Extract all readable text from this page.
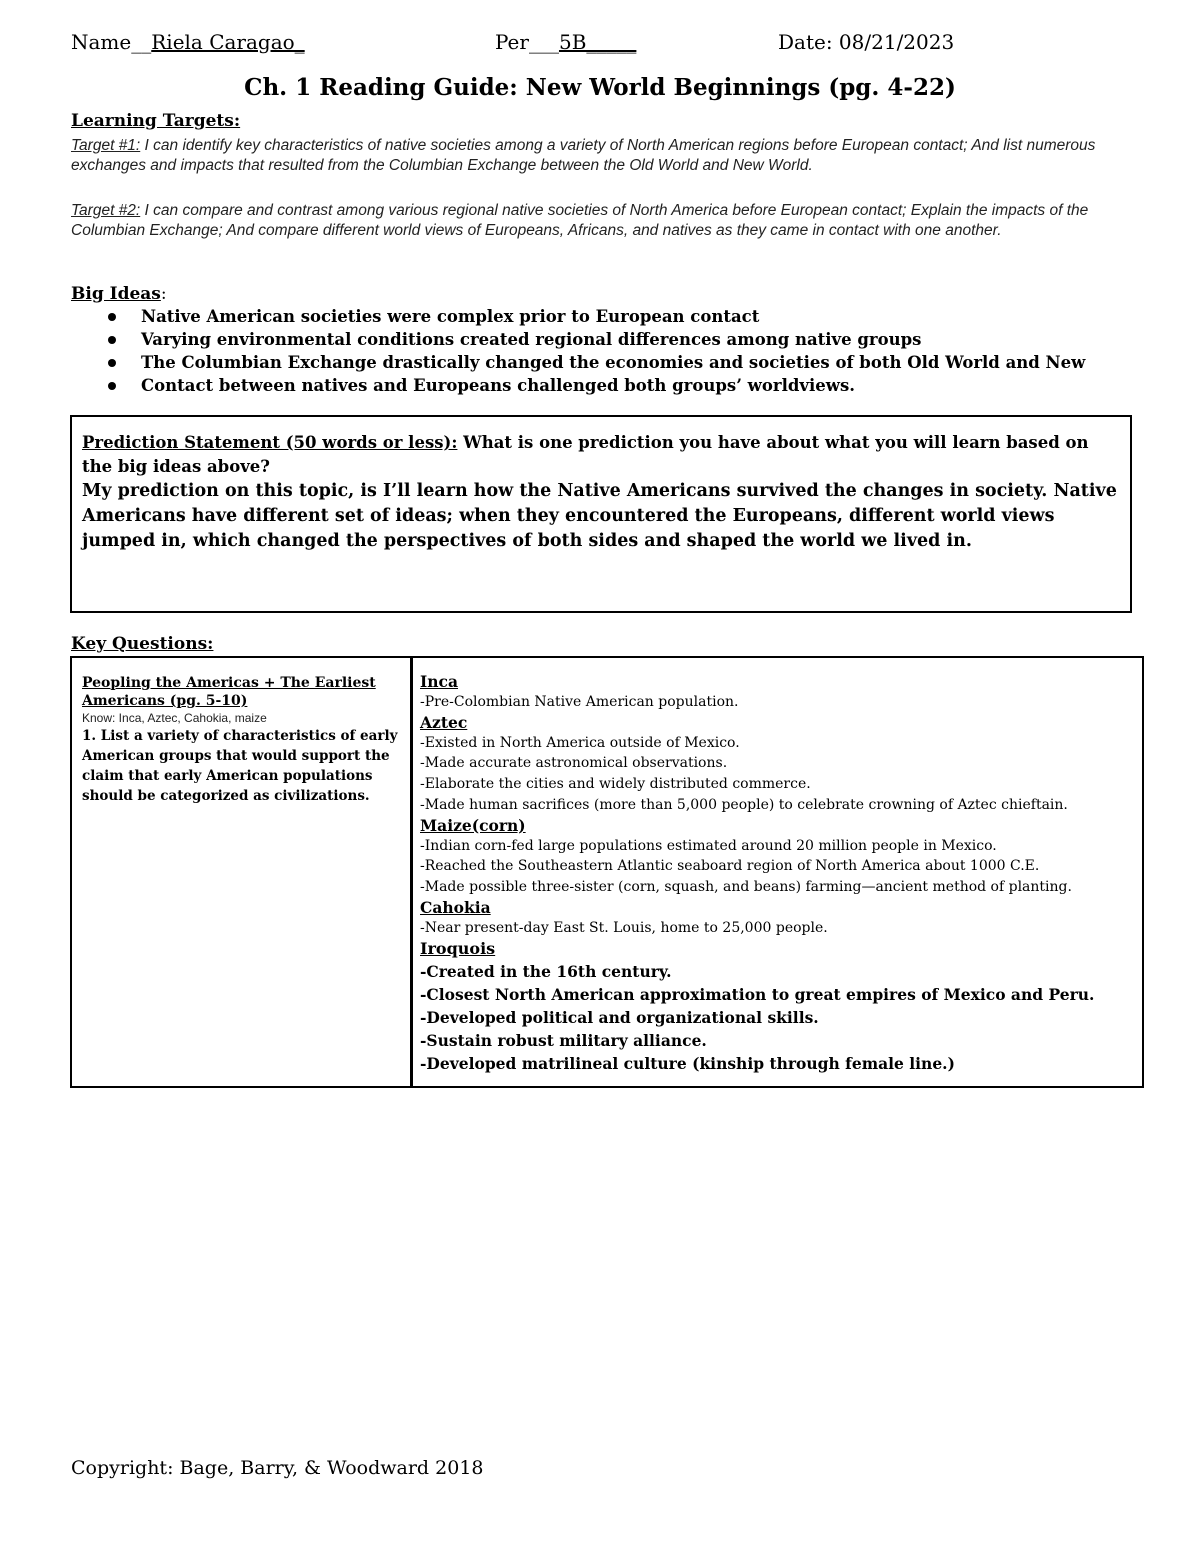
Name__Riela Caragao_	Per___5B_____	Date: 08/21/2023
Ch. 1 Reading Guide: New World Beginnings (pg. 4-22)
Learning Targets:
Target #1: I can identify key characteristics of native societies among a variety of North American regions before European contact; And list numerous exchanges and impacts that resulted from the Columbian Exchange between the Old World and New World.
Target #2: I can compare and contrast among various regional native societies of North America before European contact; Explain the impacts of the Columbian Exchange; And compare different world views of Europeans, Africans, and natives as they came in contact with one another.
Big Ideas:
Native American societies were complex prior to European contact
Varying environmental conditions created regional differences among native groups
The Columbian Exchange drastically changed the economies and societies of both Old World and New
Contact between natives and Europeans challenged both groups’ worldviews.
Prediction Statement (50 words or less): What is one prediction you have about what you will learn based on the big ideas above?
My prediction on this topic, is I’ll learn how the Native Americans survived the changes in society. Native Americans have different set of ideas; when they encountered the Europeans, different world views jumped in, which changed the perspectives of both sides and shaped the world we lived in.
Key Questions:
Peopling the Americas + The Earliest Americans (pg. 5-10)
Know: Inca, Aztec, Cahokia, maize
1. List a variety of characteristics of early American groups that would support the claim that early American populations should be categorized as civilizations.
Inca
-Pre-Colombian Native American population.
Aztec
-Existed in North America outside of Mexico.
-Made accurate astronomical observations.
-Elaborate the cities and widely distributed commerce.
-Made human sacrifices (more than 5,000 people) to celebrate crowning of Aztec chieftain.
Maize(corn)
-Indian corn-fed large populations estimated around 20 million people in Mexico.
-Reached the Southeastern Atlantic seaboard region of North America about 1000 C.E.
-Made possible three-sister (corn, squash, and beans) farming—ancient method of planting.
Cahokia
-Near present-day East St. Louis, home to 25,000 people.
Iroquois
-Created in the 16th century.
-Closest North American approximation to great empires of Mexico and Peru.
-Developed political and organizational skills.
-Sustain robust military alliance.
-Developed matrilineal culture (kinship through female line.)
Copyright: Bage, Barry, & Woodward 2018
